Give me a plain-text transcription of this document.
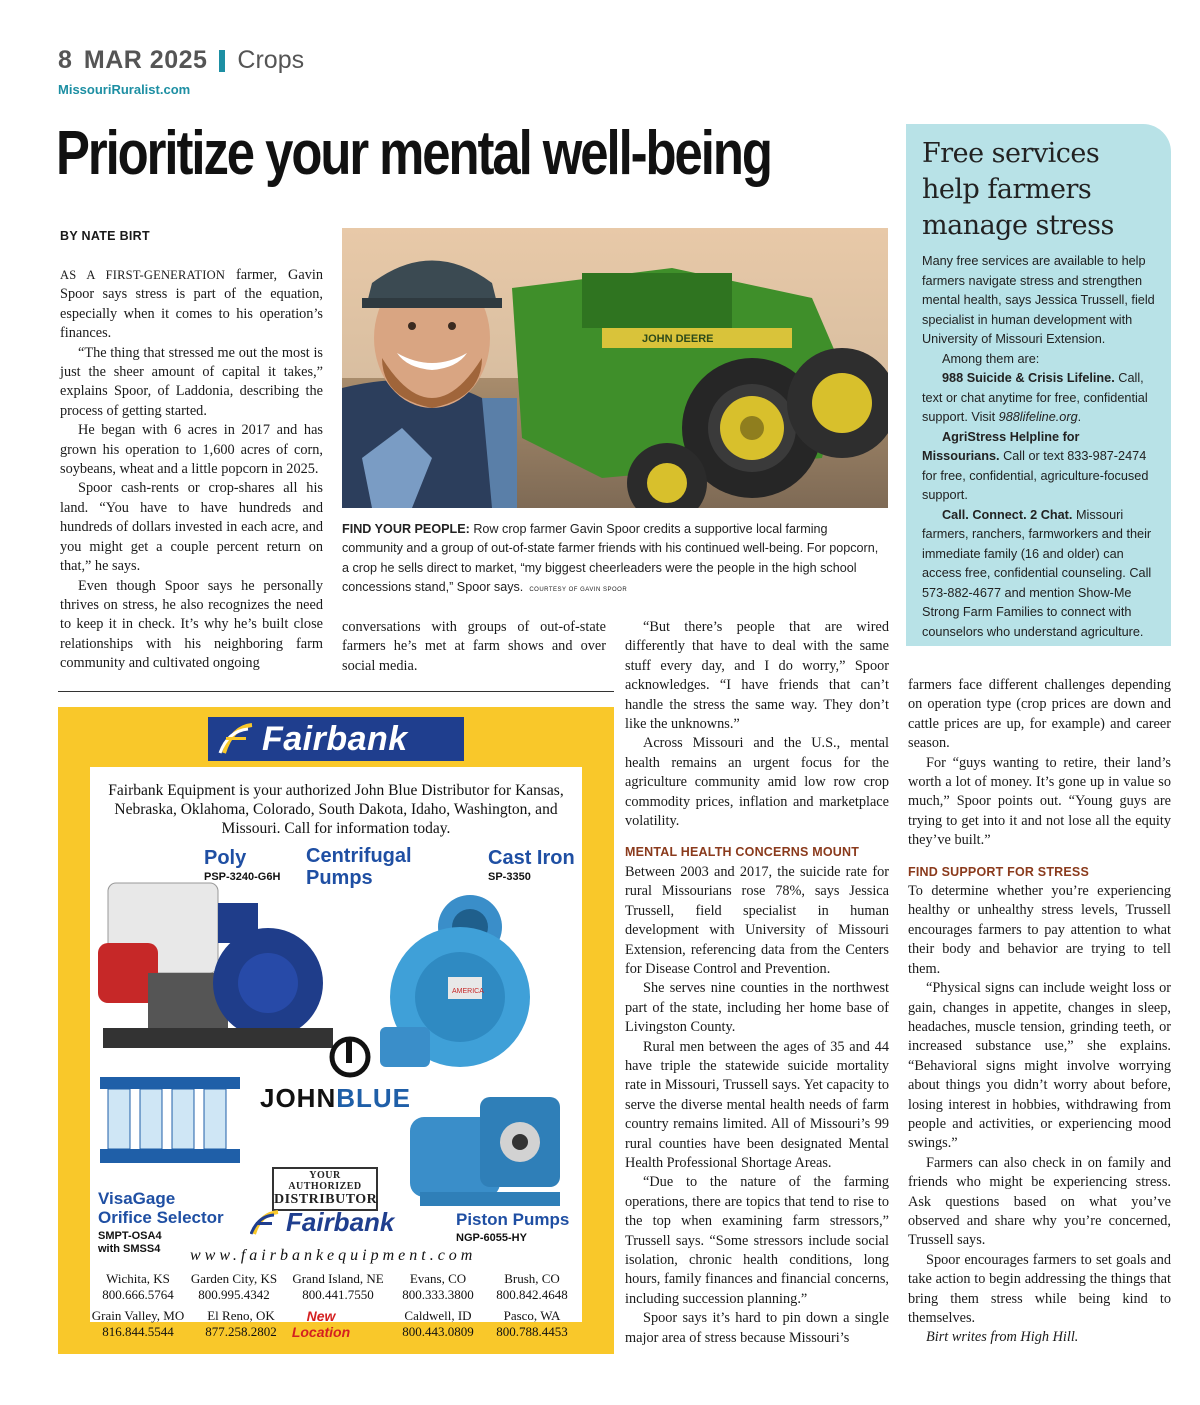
8 MAR 2025 Crops
MissouriRuralist.com
Prioritize your mental well-being
BY NATE BIRT

AS A FIRST-GENERATION farmer, Gavin Spoor says stress is part of the equation, especially when it comes to his operation’s finances.

“The thing that stressed me out the most is just the sheer amount of capital it takes,” explains Spoor, of Laddonia, describing the process of getting started.

He began with 6 acres in 2017 and has grown his operation to 1,600 acres of corn, soybeans, wheat and a little popcorn in 2025.

Spoor cash-rents or crop-shares all his land. “You have to have hundreds and hundreds of dollars invested in each acre, and you might get a couple percent return on that,” he says.

Even though Spoor says he personally thrives on stress, he also recognizes the need to keep it in check. It’s why he’s built close relationships with his neighboring farm community and cultivated ongoing

JOHN DEERE
FIND YOUR PEOPLE: Row crop farmer Gavin Spoor credits a supportive local farming community and a group of out-of-state farmer friends with his continued well-being. For popcorn, a crop he sells direct to market, “my biggest cheerleaders were the people in the high school concessions stand,” Spoor says. COURTESY OF GAVIN SPOOR

conversations with groups of out-of-state farmers he’s met at farm shows and over social media.

“But there’s people that are wired differently that have to deal with the same stuff every day, and I do worry,” Spoor acknowledges. “I have friends that can’t handle the stress the same way. They don’t like the unknowns.”

Across Missouri and the U.S., mental health remains an urgent focus for the agriculture community amid low row crop commodity prices, inflation and marketplace volatility.

MENTAL HEALTH CONCERNS MOUNT

Between 2003 and 2017, the suicide rate for rural Missourians rose 78%, says Jessica Trussell, field specialist in human development with University of Missouri Extension, referencing data from the Centers for Disease Control and Prevention.

She serves nine counties in the northwest part of the state, including her home base of Livingston County.

Rural men between the ages of 35 and 44 have triple the statewide suicide mortality rate in Missouri, Trussell says. Yet capacity to serve the diverse mental health needs of farm country remains limited. All of Missouri’s 99 rural counties have been designated Mental Health Professional Shortage Areas.

“Due to the nature of the farming operations, there are topics that tend to rise to the top when examining farm stressors,” Trussell says. “Some stressors include social isolation, chronic health conditions, long hours, family finances and financial concerns, including succession planning.”

Spoor says it’s hard to pin down a single major area of stress because Missouri’s

Free services help farmers manage stress

Many free services are available to help farmers navigate stress and strengthen mental health, says Jessica Trussell, field specialist in human development with University of Missouri Extension.

Among them are:

988 Suicide & Crisis Lifeline. Call, text or chat anytime for free, confidential support. Visit 988lifeline.org.

AgriStress Helpline for Missourians. Call or text 833-987-2474 for free, confidential, agriculture-focused support.

Call. Connect. 2 Chat. Missouri farmers, ranchers, farmworkers and their immediate family (16 and older) can access free, confidential counseling. Call 573-882-4677 and mention Show-Me Strong Farm Families to connect with counselors who understand agriculture.

farmers face different challenges depending on operation type (crop prices are down and cattle prices are up, for example) and career season.

For “guys wanting to retire, their land’s worth a lot of money. It’s gone up in value so much,” Spoor points out. “Young guys are trying to get into it and not lose all the equity they’ve built.”

FIND SUPPORT FOR STRESS

To determine whether you’re experiencing healthy or unhealthy stress levels, Trussell encourages farmers to pay attention to what their body and behavior are trying to tell them.

“Physical signs can include weight loss or gain, changes in appetite, changes in sleep, headaches, muscle tension, grinding teeth, or increased substance use,” she explains. “Behavioral signs might involve worrying about things you didn’t worry about before, losing interest in hobbies, withdrawing from people and activities, or experiencing mood swings.”

Farmers can also check in on family and friends who might be experiencing stress. Ask questions based on what you’ve observed and share why you’re concerned, Trussell says.

Spoor encourages farmers to set goals and take action to begin addressing the things that bring them stress while being kind to themselves.

Birt writes from High Hill.

Fairbank
Fairbank Equipment is your authorized John Blue Distributor for Kansas, Nebraska, Oklahoma, Colorado, South Dakota, Idaho, Washington, and Missouri. Call for information today.
Poly
PSP-3240-G6H
Centrifugal
Pumps
Cast Iron
SP-3350
AMERICA
JOHNBLUE
YOUR AUTHORIZED
DISTRIBUTOR
VisaGage
Orifice Selector
SMPT-OSA4
with SMSS4
Fairbank	Piston Pumps
NGP-6055-HY
www.fairbankequipment.com
Wichita, KS
800.666.5764
Garden City, KS
800.995.4342
Grand Island, NE
800.441.7550
Evans, CO
800.333.3800
Brush, CO
800.842.4648
Grain Valley, MO
816.844.5544
El Reno, OK
877.258.2802
New
Location
Caldwell, ID
800.443.0809
Pasco, WA
800.788.4453
